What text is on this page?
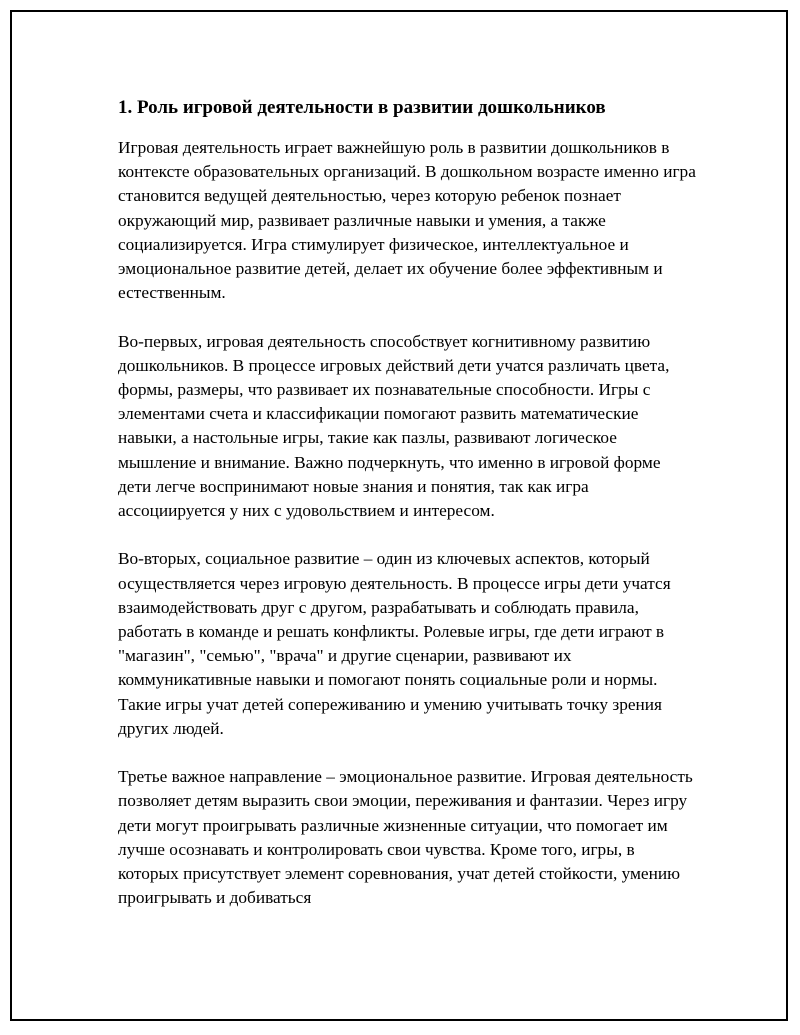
1. Роль игровой деятельности в развитии дошкольников

Игровая деятельность играет важнейшую роль в развитии дошкольников в контексте образовательных организаций. В дошкольном возрасте именно игра становится ведущей деятельностью, через которую ребенок познает окружающий мир, развивает различные навыки и умения, а также социализируется. Игра стимулирует физическое, интеллектуальное и эмоциональное развитие детей, делает их обучение более эффективным и естественным.

Во-первых, игровая деятельность способствует когнитивному развитию дошкольников. В процессе игровых действий дети учатся различать цвета, формы, размеры, что развивает их познавательные способности. Игры с элементами счета и классификации помогают развить математические навыки, а настольные игры, такие как пазлы, развивают логическое мышление и внимание. Важно подчеркнуть, что именно в игровой форме дети легче воспринимают новые знания и понятия, так как игра ассоциируется у них с удовольствием и интересом.

Во-вторых, социальное развитие – один из ключевых аспектов, который осуществляется через игровую деятельность. В процессе игры дети учатся взаимодействовать друг с другом, разрабатывать и соблюдать правила, работать в команде и решать конфликты. Ролевые игры, где дети играют в "магазин", "семью", "врача" и другие сценарии, развивают их коммуникативные навыки и помогают понять социальные роли и нормы. Такие игры учат детей сопереживанию и умению учитывать точку зрения других людей.

Третье важное направление – эмоциональное развитие. Игровая деятельность позволяет детям выразить свои эмоции, переживания и фантазии. Через игру дети могут проигрывать различные жизненные ситуации, что помогает им лучше осознавать и контролировать свои чувства. Кроме того, игры, в которых присутствует элемент соревнования, учат детей стойкости, умению проигрывать и добиваться
